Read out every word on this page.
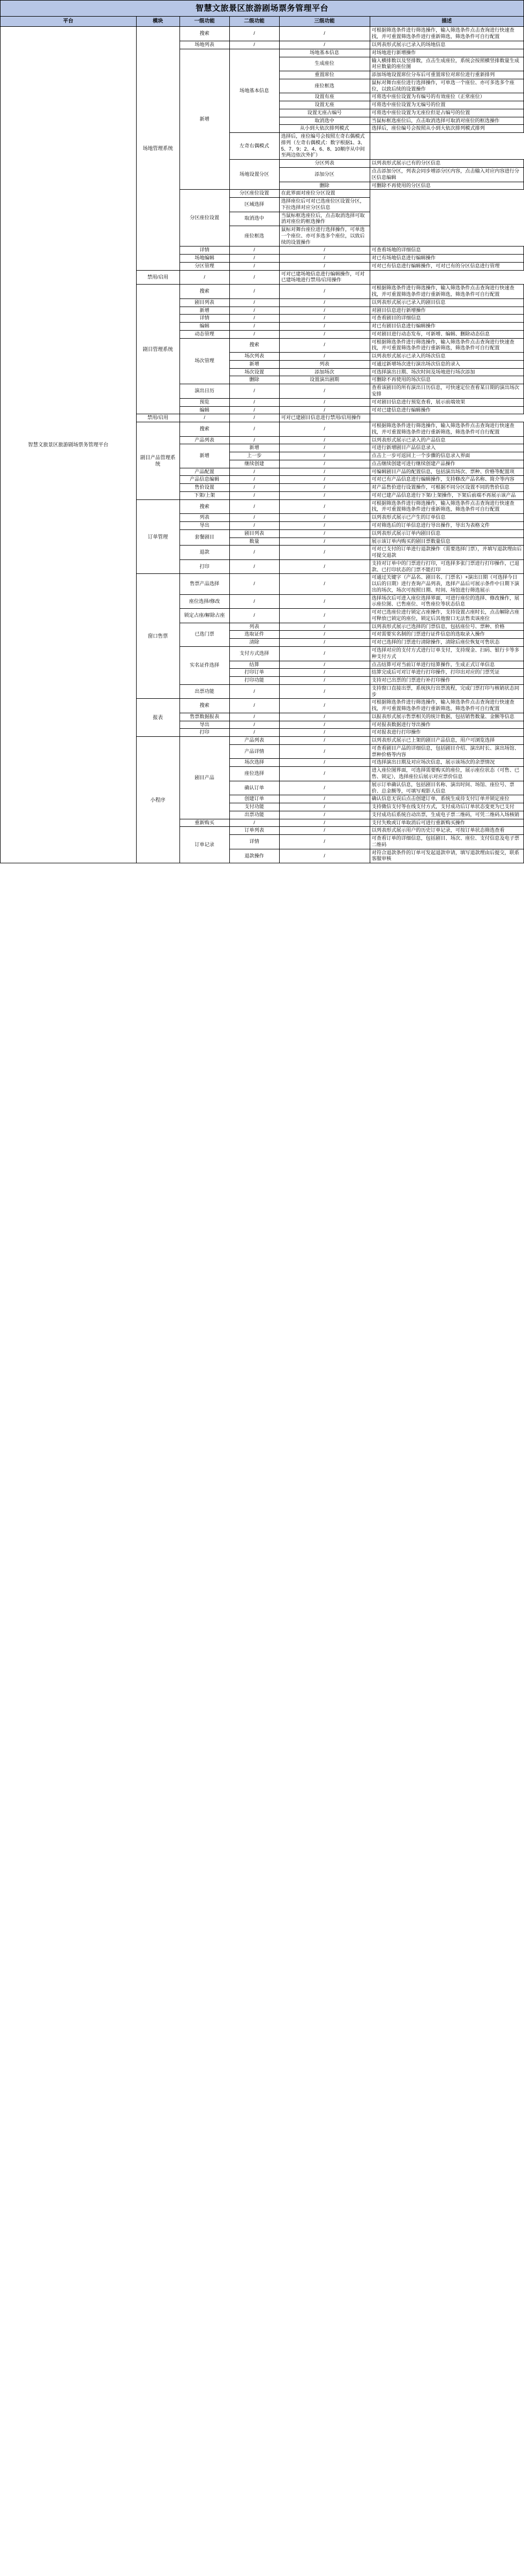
智慧文旅景区旅游剧场票务管理平台					
平台	模块	一级功能	二级功能	三级功能	描述
智慧文旅景区旅游剧场票务管理平台	场地管理系统	搜索	/	/	可根据筛选条件进行筛选操作，输入筛选条件点击查询进行快速查找，并可重置筛选条件进行重新筛选，筛选条件可自行配置
		场地列表	/	/	以列表形式展示已录入的场地信息
		新增	场地基本信息	场地基本信息	对场地进行新增操作
				生成座位	输入横排数以及竖排数，点击生成座位，系统会按照横竖排数量生成对应数量的座位图
				重置席位	添加场地设置席位分布后可重置席位对席位进行重新排列
				座位框选	鼠标对舞台座位进行选择操作，可单选一个座位、亦可多选多个座位，以致后续的设置操作
				设置有座	可将选中座位设置为有编号的有效座位（正常座位）
				设置无座	可将选中座位设置为无编号的位置
				设置无座占编号	可将选中座位设置为无座位但是占编号的位置
				取消选中	当鼠标框选座位后，点击取消选择可取消对座位的框选操作
				从小到大依次排列模式	选择后，座位编号会按照从小到大依次排列模式排列
			左奇右偶模式	选择后，座位编号会按照左奇右偶模式排列（左奇右偶模式：数字根据1、3、5、7、9；2、4、6、8、10顺序从中间至两边依次外扩）	
			场地设置分区	分区列表	以列表形式展示已有的分区信息
				添加分区	点击添加分区，列表会同步增添分区内容，点击输入对应内容进行分区信息编辑
				删除	可删除不再使用的分区信息
		分区座位设置	分区座位设置	在此界面对座位分区设置	
			区域选择	选择座位后可对已选座位区设置分区，下拉选择对应分区信息	
			取消选中	当鼠标框选座位后，点击取消选择可取消对座位的框选操作	
			座位框选	鼠标对舞台座位进行选择操作，可单选一个座位、亦可多选多个座位，以致后续的设置操作	
		详情	/	/	可查看场地的详细信息
		场地编辑	/	/	对已有场地信息进行编辑操作
		分区管理	/	/	可对已有信息进行编辑操作，可对已有的分区信息进行管理
	禁用/启用	/	/	可对已建场地信息进行编辑操作，可对已建场地进行禁用/启用操作	
	剧目管理系统	搜索	/	/	可根据筛选条件进行筛选操作，输入筛选条件点击查询进行快速查找，并可重置筛选条件进行重新筛选，筛选条件可自行配置
		剧目列表	/	/	以列表形式展示已录入的剧目信息
		新增	/	/	对剧目信息进行新增操作
		详情	/	/	可查看剧目的详细信息
		编辑	/	/	对已有剧目信息进行编辑操作
		动态管理	/	/	可对剧目进行动态发布，可新增、编辑、删除动态信息
		场次管理	搜索	/	可根据筛选条件进行筛选操作，输入筛选条件点击查询进行快速查找，并可重置筛选条件进行重新筛选，筛选条件可自行配置
			场次列表	/	以列表形式展示已录入的场次信息
			新增	列表	可通过新增场次进行演出场次信息的录入
			场次设置	添加场次	可选择演出日期、场次时间及场地进行场次添加
			删除	设置演出剧期	可删除不再使用的场次信息
		演出日历	/	/	查看该剧目的所有演出日历信息，可快速定位查看某日期的演出场次安排
		预览	/	/	可对剧目信息进行预览查看，展示前端效果
		编辑	/	/	可对已建信息进行编辑操作
	禁用/启用	/	/	可对已建剧目信息进行禁用/启用操作	
	剧目产品管理系统	搜索	/	/	可根据筛选条件进行筛选操作，输入筛选条件点击查询进行快速查找，并可重置筛选条件进行重新筛选，筛选条件可自行配置
		产品列表	/	/	以列表形式展示已录入的产品信息
		新增	新增	/	可进行新增剧目产品信息录入
			上一步	/	点击上一步可返回上一个步骤的信息录入界面
			继续创建	/	点击继续创建可进行继续创建产品操作
		产品配置	/	/	可编辑剧目产品的配置信息，包括演出场次、票种、价格等配置项
		产品信息编辑	/	/	可对已有产品信息进行编辑操作，支持修改产品名称、简介等内容
		售价设置	/	/	对产品售价进行设置操作，可根据不同分区设置不同的售价信息
		下架/上架	/	/	可对已建产品信息进行下架/上架操作，下架后前端不再展示该产品
	订单管理	搜索	/	/	可根据筛选条件进行筛选操作，输入筛选条件点击查询进行快速查找，并可重置筛选条件进行重新筛选，筛选条件可自行配置
		列表	/	/	以列表形式展示已产生的订单信息
		导出	/	/	可对筛选后的订单信息进行导出操作，导出为表格文件
		套餐剧目	剧目列表	/	以列表形式展示订单内剧目信息
			数量	/	展示该订单内购买的剧目票数量信息
		退款	/	/	可对已支付的订单进行退款操作（需要选择门票），并填写退款理由后可提交退款
		打印	/	/	支持对订单中的门票进行打印，可选择多张门票进行打印操作，已退款、已打印状态的门票不能打印
	窗口售票	售票产品选择	/	/	可通过关键字（产品名、剧目名、门票名）+演出日期（可选择今日以后的日期）进行查询产品列表，选择产品后可展示条件中日期下演出的场次，场次可按照日期、时间、场馆进行筛选展示
		座位选择/修改	/	/	选择场次后可进入座位选择界面，可进行座位的选择、修改操作，展示座位图、已售座位、可售座位等状态信息
		锁定占座/解除占座	/	/	可对已选座位进行锁定占座操作，支持设置占座时长，点击解除占座可释放已锁定的座位，锁定后其他窗口无法售卖该座位
		已选门票	列表	/	以列表形式展示已选择的门票信息，包括座位号、票种、价格
			选取证件	/	可对需要实名制的门票进行证件信息的选取录入操作
			清除	/	可对已选择的门票进行清除操作，清除后座位恢复可售状态
		实名证件选择	支付方式选择	/	可选择对应的支付方式进行订单支付，支持现金、扫码、银行卡等多种支付方式
			结算	/	点击结算可对当前订单进行结算操作，生成正式订单信息
			打印订单	/	结算完成后可对订单进行打印操作，打印出对应的门票凭证
			打印功能	/	支持对已出票的门票进行补打印操作
		出票功能	/	/	支持窗口直接出票，系统执行出票流程，完成门票打印与核销状态同步
	报表	搜索	/	/	可根据筛选条件进行筛选操作，输入筛选条件点击查询进行快速查找，并可重置筛选条件进行重新筛选，筛选条件可自行配置
		售票数据报表	/	/	以报表形式展示售票相关的统计数据，包括销售数量、金额等信息
		导出	/	/	可对报表数据进行导出操作
		打印	/	/	可对报表进行打印操作
	小程序	剧目产品	产品列表	/	以列表形式展示已上架的剧目产品信息，用户可浏览选择
			产品详情	/	可查看剧目产品的详细信息，包括剧目介绍、演出时长、演出场馆、票种价格等内容
			场次选择	/	可选择演出日期及对应场次信息，展示该场次的余票情况
			座位选择	/	进入座位图界面，可选择需要购买的座位，展示座位状态（可售、已售、锁定），选择座位后展示对应票价信息
			确认订单	/	展示订单确认信息，包括剧目名称、演出时间、场馆、座位号、票价、总金额等，可填写观影人信息
			创建订单	/	确认信息无误后点击创建订单，系统生成待支付订单并锁定座位
			支付功能	/	支持微信支付等在线支付方式，支付成功后订单状态变更为已支付
			出票功能	/	支付成功后系统自动出票，生成电子票二维码，可凭二维码入场核销
		重新购买	/	/	支付失败或订单取消后可进行重新购买操作
		订单记录	订单列表	/	以列表形式展示用户的历史订单记录，可按订单状态筛选查看
			详情	/	可查看订单的详细信息，包括剧目、场次、座位、支付信息及电子票二维码
			退款操作	/	对符合退款条件的订单可发起退款申请，填写退款理由后提交，联系客服审核
